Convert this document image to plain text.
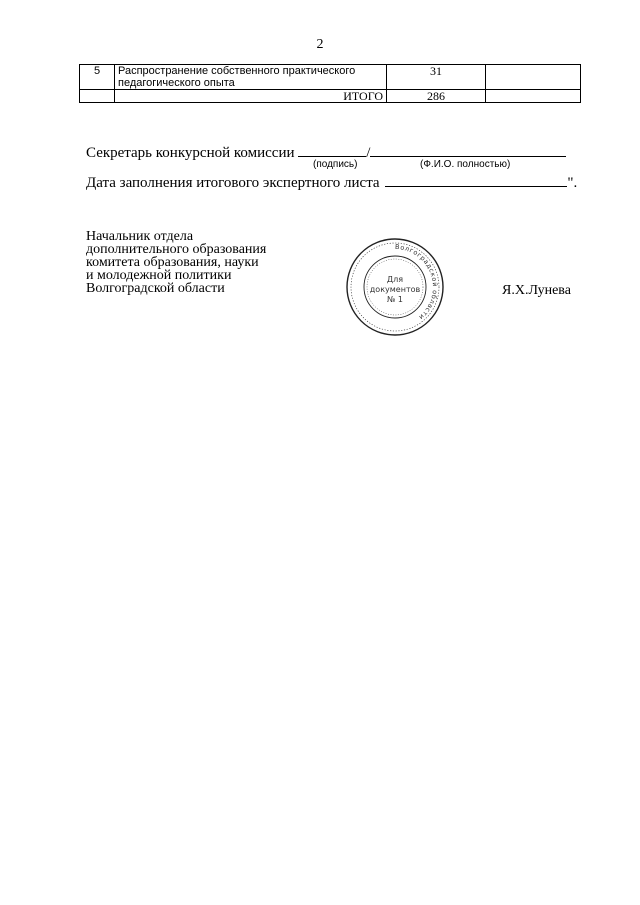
2
5	Распространение собственного практического
педагогического опыта	31	
	ИТОГО	286	
Секретарь конкурсной комиссии	/
(подпись)	(Ф.И.О. полностью)
Дата заполнения итогового экспертного листа	".
Начальник отдела
дополнительного образования
комитета образования, науки
и молодежной политики
Волгоградской области
Волгоградской области
Для
документов
№ 1
Я.Х.Лунева
